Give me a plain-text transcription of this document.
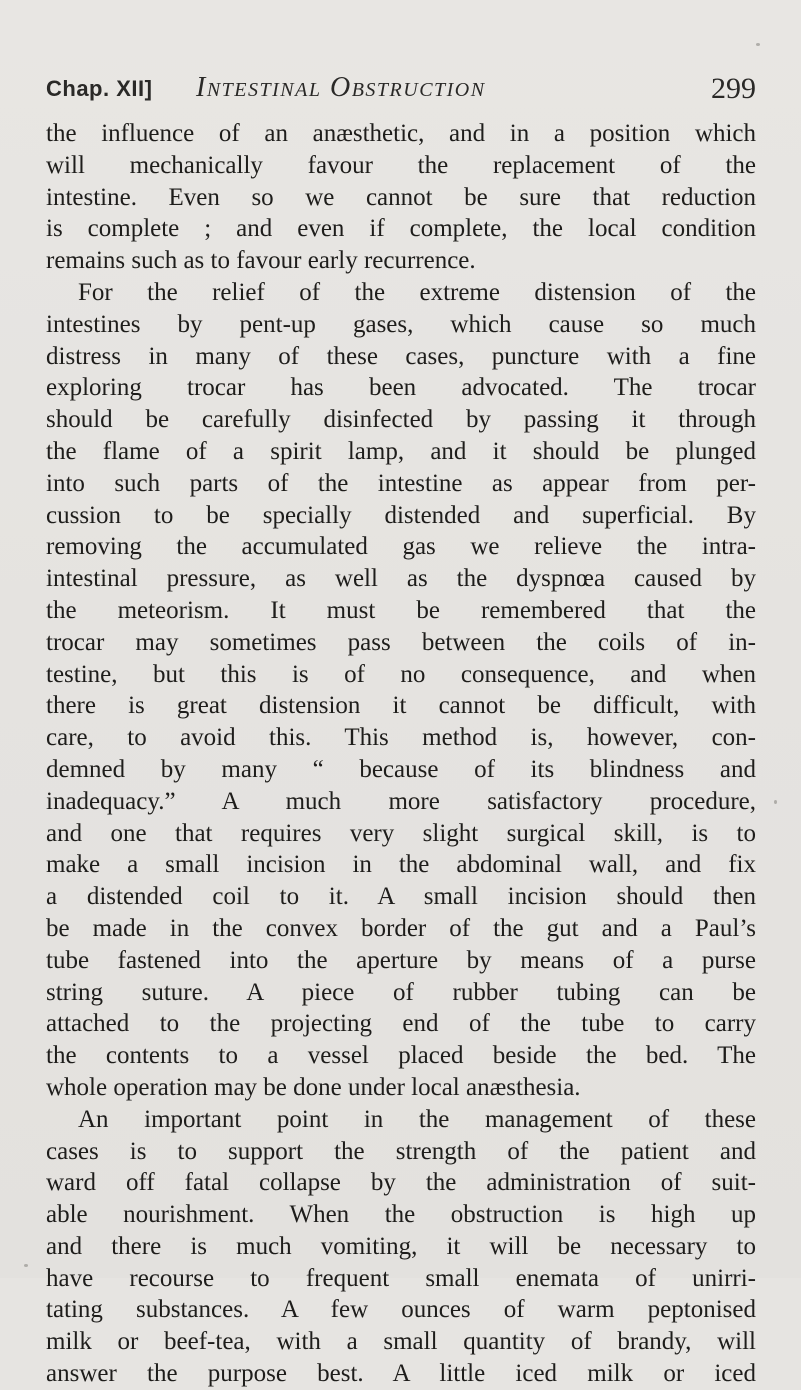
Chap. XII] Intestinal Obstruction	299
the influence of an anæsthetic, and in a position which
will mechanically favour the replacement of the
intestine. Even so we cannot be sure that reduction
is complete ; and even if complete, the local condition
remains such as to favour early recurrence.
For the relief of the extreme distension of the
intestines by pent-up gases, which cause so much
distress in many of these cases, puncture with a fine
exploring trocar has been advocated. The trocar
should be carefully disinfected by passing it through
the flame of a spirit lamp, and it should be plunged
into such parts of the intestine as appear from per-
cussion to be specially distended and superficial. By
removing the accumulated gas we relieve the intra-
intestinal pressure, as well as the dyspnœa caused by
the meteorism. It must be remembered that the
trocar may sometimes pass between the coils of in-
testine, but this is of no consequence, and when
there is great distension it cannot be difficult, with
care, to avoid this. This method is, however, con-
demned by many “ because of its blindness and
inadequacy.” A much more satisfactory procedure,
and one that requires very slight surgical skill, is to
make a small incision in the abdominal wall, and fix
a distended coil to it. A small incision should then
be made in the convex border of the gut and a Paul’s
tube fastened into the aperture by means of a purse
string suture. A piece of rubber tubing can be
attached to the projecting end of the tube to carry
the contents to a vessel placed beside the bed. The
whole operation may be done under local anæsthesia.
An important point in the management of these
cases is to support the strength of the patient and
ward off fatal collapse by the administration of suit-
able nourishment. When the obstruction is high up
and there is much vomiting, it will be necessary to
have recourse to frequent small enemata of unirri-
tating substances. A few ounces of warm peptonised
milk or beef-tea, with a small quantity of brandy, will
answer the purpose best. A little iced milk or iced
